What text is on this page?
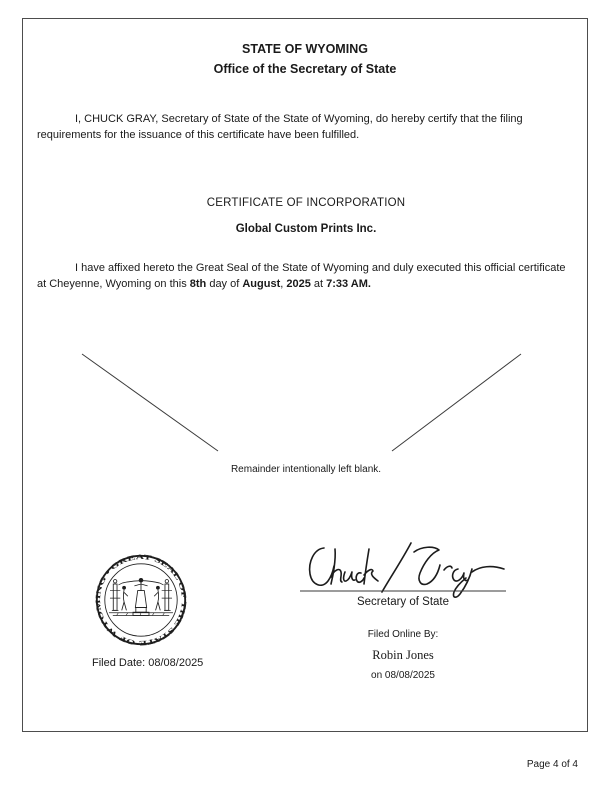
STATE OF WYOMING
Office of the Secretary of State

I, CHUCK GRAY, Secretary of State of the State of Wyoming, do hereby certify that the filing requirements for the issuance of this certificate have been fulfilled.

CERTIFICATE OF INCORPORATION
Global Custom Prints Inc.

I have affixed hereto the Great Seal of the State of Wyoming and duly executed this official certificate at Cheyenne, Wyoming on this 8th day of August, 2025 at 7:33 AM.

Remainder intentionally left blank.
GREAT SEAL OF THE STATE OF WYOMING •
Filed Date: 08/08/2025
Secretary of State
Filed Online By:
Robin Jones
on 08/08/2025
Page 4 of 4
